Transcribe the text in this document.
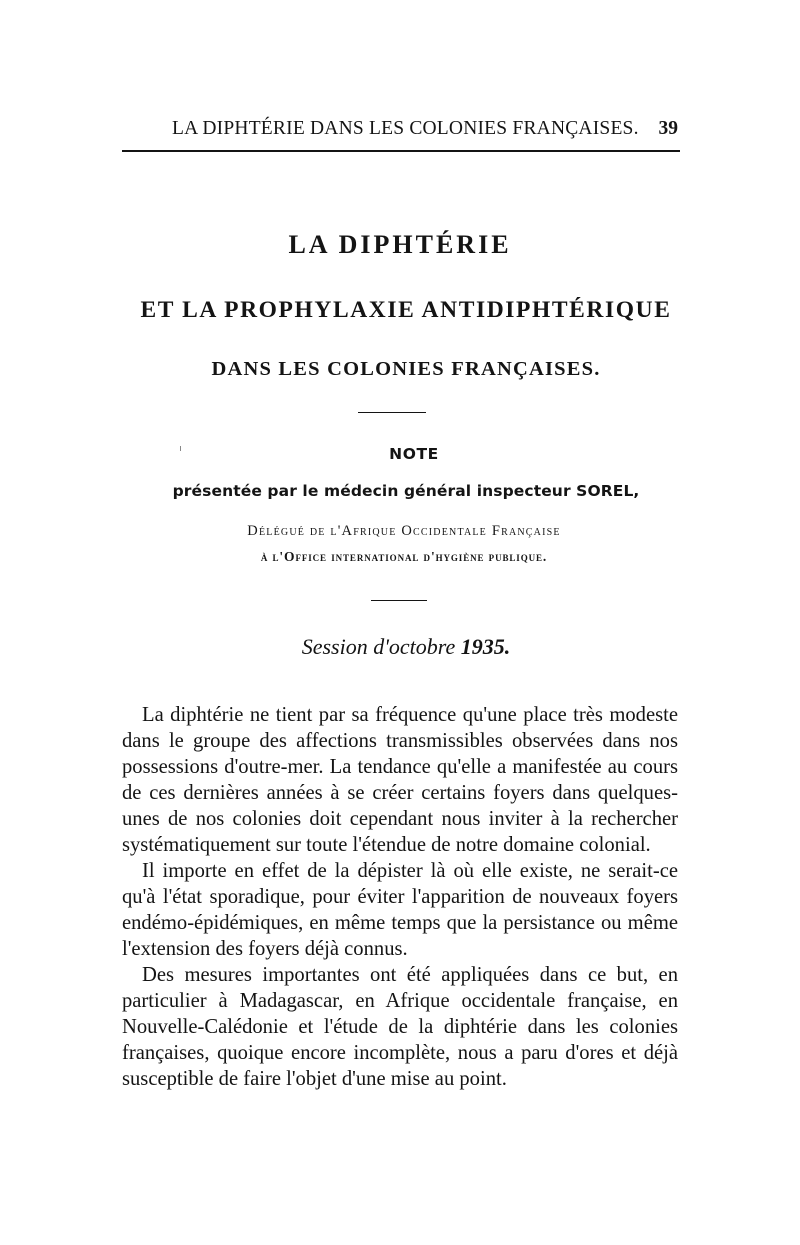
LA DIPHTÉRIE DANS LES COLONIES FRANÇAISES. 39
LA DIPHTÉRIE
ET LA PROPHYLAXIE ANTIDIPHTÉRIQUE
DANS LES COLONIES FRANÇAISES.
NOTE
présentée par le médecin général inspecteur SOREL,
Délégué de l'Afrique Occidentale Française
à l'Office international d'hygiène publique.
Session d'octobre 1935.

La diphtérie ne tient par sa fréquence qu'une place très modeste dans le groupe des affections transmissibles observées dans nos possessions d'outre-mer. La tendance qu'elle a manifestée au cours de ces dernières années à se créer certains foyers dans quelques-unes de nos colonies doit cependant nous inviter à la rechercher systématiquement sur toute l'étendue de notre domaine colonial.

Il importe en effet de la dépister là où elle existe, ne serait-ce qu'à l'état sporadique, pour éviter l'apparition de nouveaux foyers endémo-épidémiques, en même temps que la persistance ou même l'extension des foyers déjà connus.

Des mesures importantes ont été appliquées dans ce but, en particulier à Madagascar, en Afrique occidentale française, en Nouvelle-Calédonie et l'étude de la diphtérie dans les colonies françaises, quoique encore incomplète, nous a paru d'ores et déjà susceptible de faire l'objet d'une mise au point.
